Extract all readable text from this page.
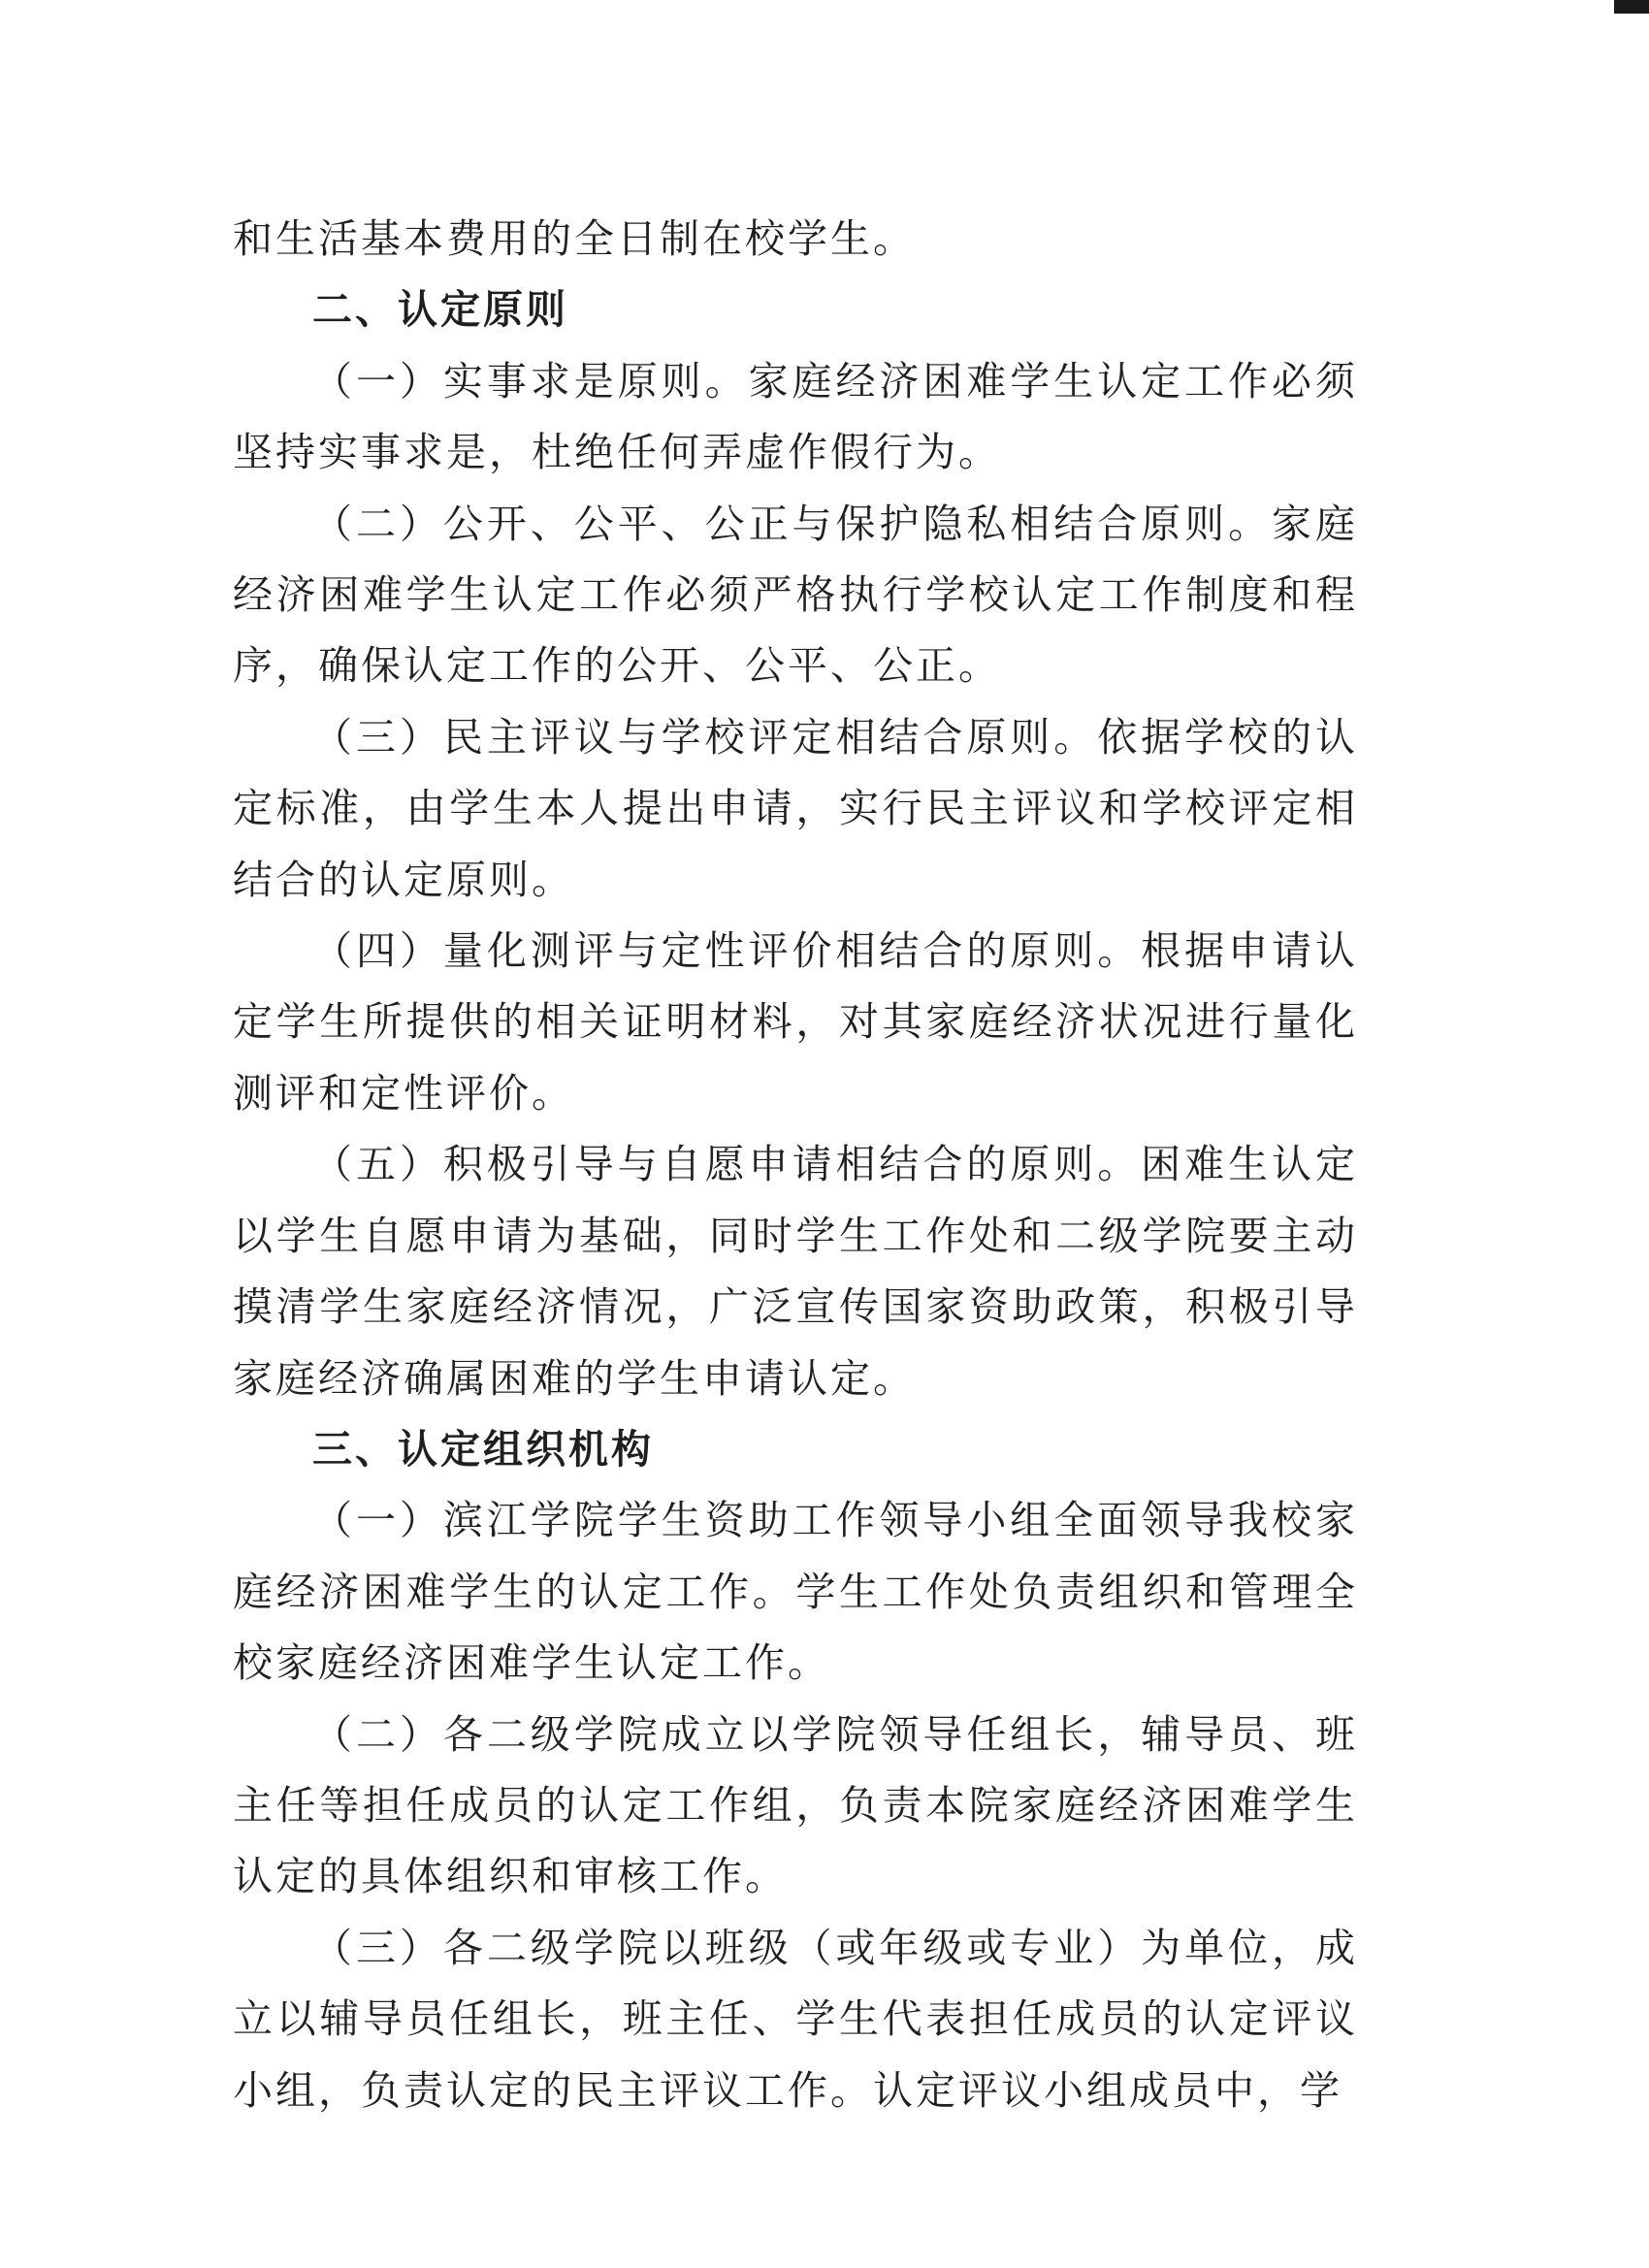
和生活基本费用的全日制在校学生。

二、认定原则

（一）实事求是原则。家庭经济困难学生认定工作必须坚持实事求是，杜绝任何弄虚作假行为。

（二）公开、公平、公正与保护隐私相结合原则。家庭经济困难学生认定工作必须严格执行学校认定工作制度和程序，确保认定工作的公开、公平、公正。

（三）民主评议与学校评定相结合原则。依据学校的认定标准，由学生本人提出申请，实行民主评议和学校评定相结合的认定原则。

（四）量化测评与定性评价相结合的原则。根据申请认定学生所提供的相关证明材料，对其家庭经济状况进行量化测评和定性评价。

（五）积极引导与自愿申请相结合的原则。困难生认定以学生自愿申请为基础，同时学生工作处和二级学院要主动摸清学生家庭经济情况，广泛宣传国家资助政策，积极引导家庭经济确属困难的学生申请认定。

三、认定组织机构

（一）滨江学院学生资助工作领导小组全面领导我校家庭经济困难学生的认定工作。学生工作处负责组织和管理全校家庭经济困难学生认定工作。

（二）各二级学院成立以学院领导任组长，辅导员、班主任等担任成员的认定工作组，负责本院家庭经济困难学生认定的具体组织和审核工作。

（三）各二级学院以班级（或年级或专业）为单位，成立以辅导员任组长，班主任、学生代表担任成员的认定评议小组，负责认定的民主评议工作。认定评议小组成员中，学
